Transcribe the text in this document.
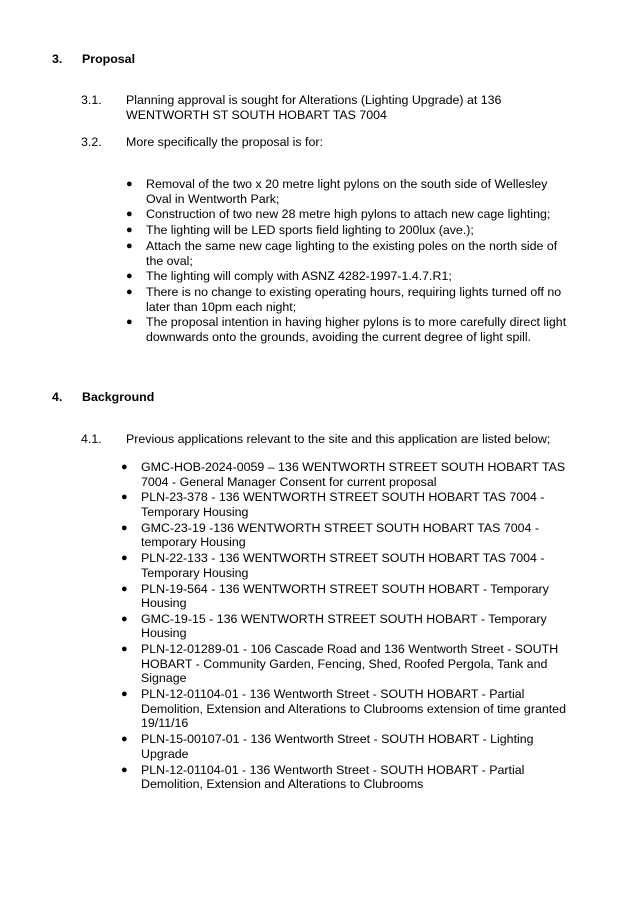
3. Proposal
3.1. Planning approval is sought for Alterations (Lighting Upgrade) at 136 WENTWORTH ST SOUTH HOBART TAS 7004
3.2. More specifically the proposal is for:
● Removal of the two x 20 metre light pylons on the south side of Wellesley Oval in Wentworth Park;
● Construction of two new 28 metre high pylons to attach new cage lighting;
● The lighting will be LED sports field lighting to 200lux (ave.);
● Attach the same new cage lighting to the existing poles on the north side of the oval;
● The lighting will comply with ASNZ 4282-1997-1.4.7.R1;
● There is no change to existing operating hours, requiring lights turned off no later than 10pm each night;
● The proposal intention in having higher pylons is to more carefully direct light downwards onto the grounds, avoiding the current degree of light spill.
4. Background
4.1. Previous applications relevant to the site and this application are listed below;
● GMC-HOB-2024-0059 – 136 WENTWORTH STREET SOUTH HOBART TAS 7004 - General Manager Consent for current proposal
● PLN-23-378 - 136 WENTWORTH STREET SOUTH HOBART TAS 7004 - Temporary Housing
● GMC-23-19 -136 WENTWORTH STREET SOUTH HOBART TAS 7004 - temporary Housing
● PLN-22-133 - 136 WENTWORTH STREET SOUTH HOBART TAS 7004 - Temporary Housing
● PLN-19-564 - 136 WENTWORTH STREET SOUTH HOBART - Temporary Housing
● GMC-19-15 - 136 WENTWORTH STREET SOUTH HOBART - Temporary Housing
● PLN-12-01289-01 - 106 Cascade Road and 136 Wentworth Street - SOUTH HOBART - Community Garden, Fencing, Shed, Roofed Pergola, Tank and Signage
● PLN-12-01104-01 - 136 Wentworth Street - SOUTH HOBART - Partial Demolition, Extension and Alterations to Clubrooms extension of time granted 19/11/16
● PLN-15-00107-01 - 136 Wentworth Street - SOUTH HOBART - Lighting Upgrade
● PLN-12-01104-01 - 136 Wentworth Street - SOUTH HOBART - Partial Demolition, Extension and Alterations to Clubrooms
